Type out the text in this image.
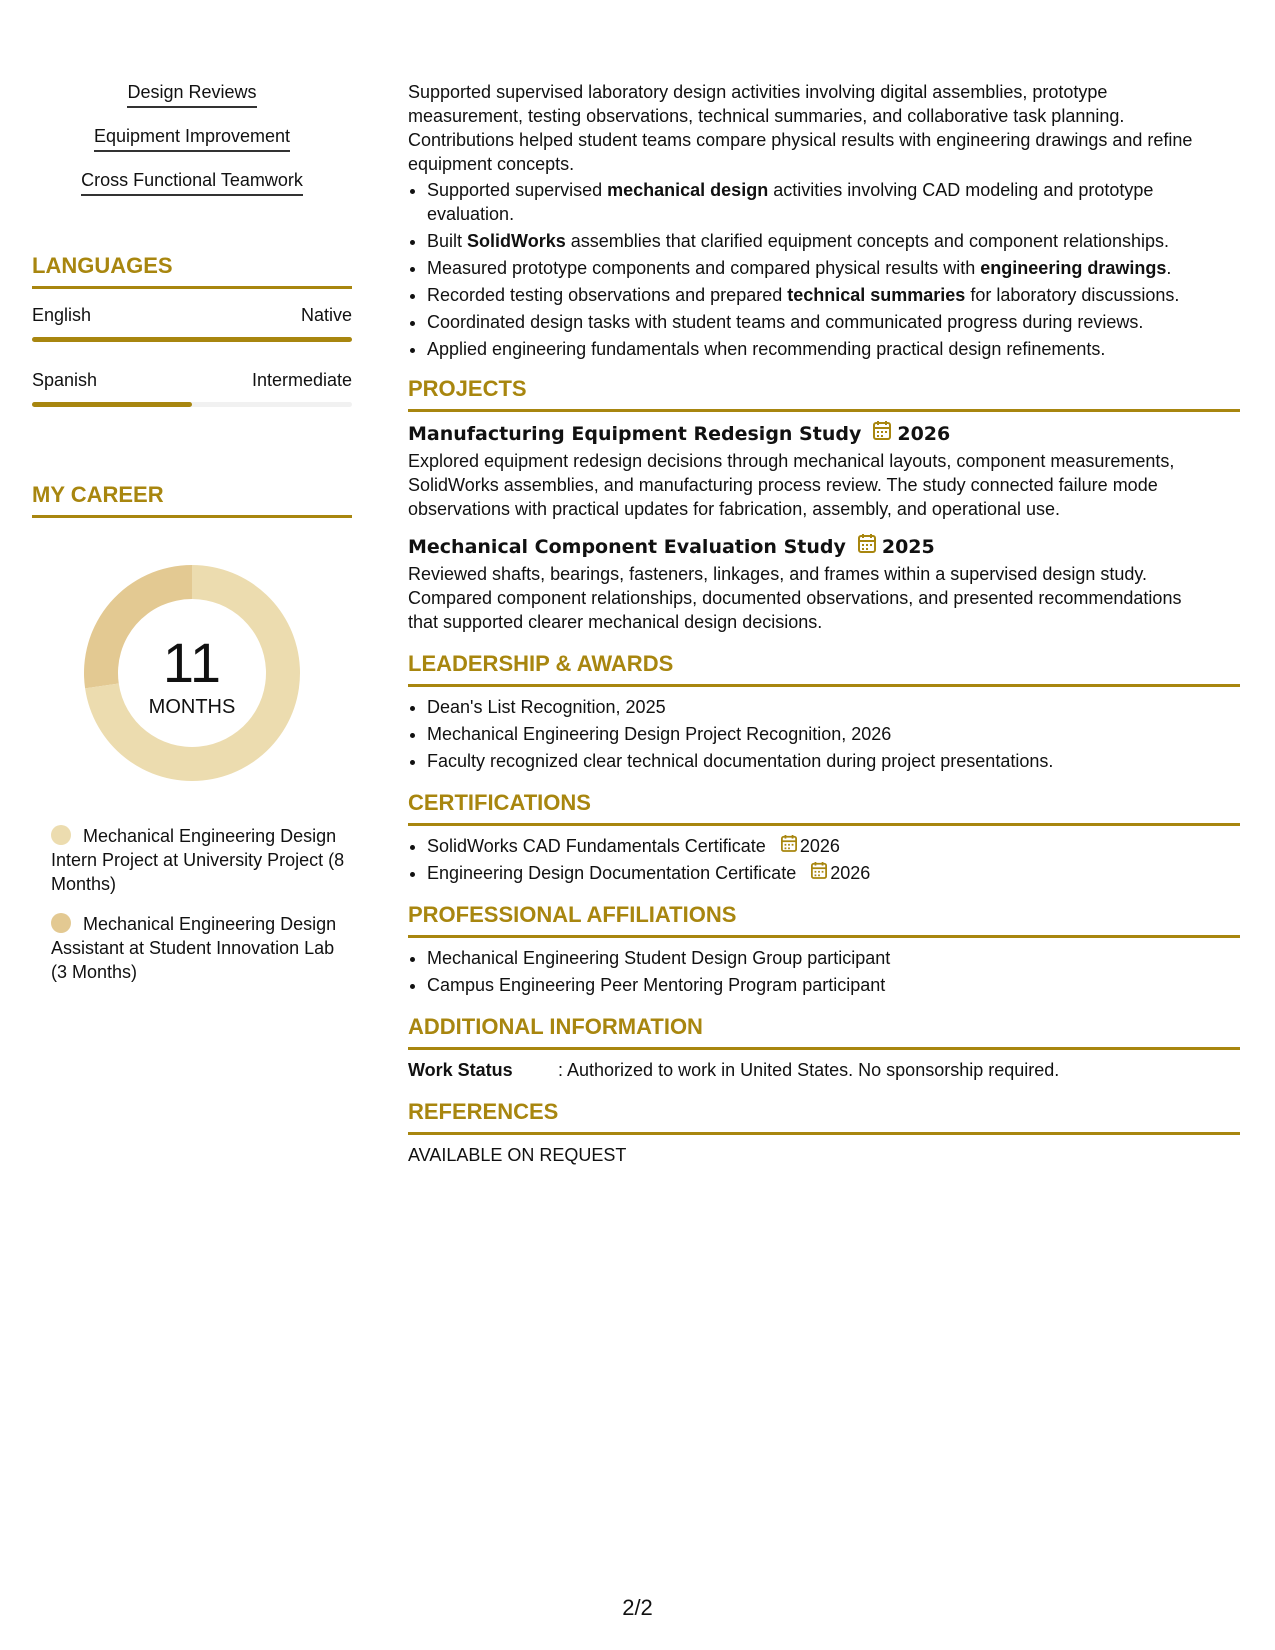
Design Reviews
Equipment Improvement
Cross Functional Teamwork
LANGUAGES
English	Native
Spanish	Intermediate
MY CAREER
11
MONTHS
Mechanical Engineering Design Intern Project at University Project (8 Months)
Mechanical Engineering Design Assistant at Student Innovation Lab (3 Months)

Supported supervised laboratory design activities involving digital assemblies, prototype measurement, testing observations, technical summaries, and collaborative task planning. Contributions helped student teams compare physical results with engineering drawings and refine equipment concepts.

• Supported supervised mechanical design activities involving CAD modeling and prototype evaluation.
• Built SolidWorks assemblies that clarified equipment concepts and component relationships.
• Measured prototype components and compared physical results with engineering drawings.
• Recorded testing observations and prepared technical summaries for laboratory discussions.
• Coordinated design tasks with student teams and communicated progress during reviews.
• Applied engineering fundamentals when recommending practical design refinements.
PROJECTS
Manufacturing Equipment Redesign Study 2026

Explored equipment redesign decisions through mechanical layouts, component measurements, SolidWorks assemblies, and manufacturing process review. The study connected failure mode observations with practical updates for fabrication, assembly, and operational use.

Mechanical Component Evaluation Study 2025

Reviewed shafts, bearings, fasteners, linkages, and frames within a supervised design study. Compared component relationships, documented observations, and presented recommendations that supported clearer mechanical design decisions.

LEADERSHIP & AWARDS
• Dean's List Recognition, 2025
• Mechanical Engineering Design Project Recognition, 2026
• Faculty recognized clear technical documentation during project presentations.
CERTIFICATIONS
• SolidWorks CAD Fundamentals Certificate 2026
• Engineering Design Documentation Certificate 2026
PROFESSIONAL AFFILIATIONS
• Mechanical Engineering Student Design Group participant
• Campus Engineering Peer Mentoring Program participant
ADDITIONAL INFORMATION
Work Status	: Authorized to work in United States. No sponsorship required.
REFERENCES

AVAILABLE ON REQUEST

2/2
